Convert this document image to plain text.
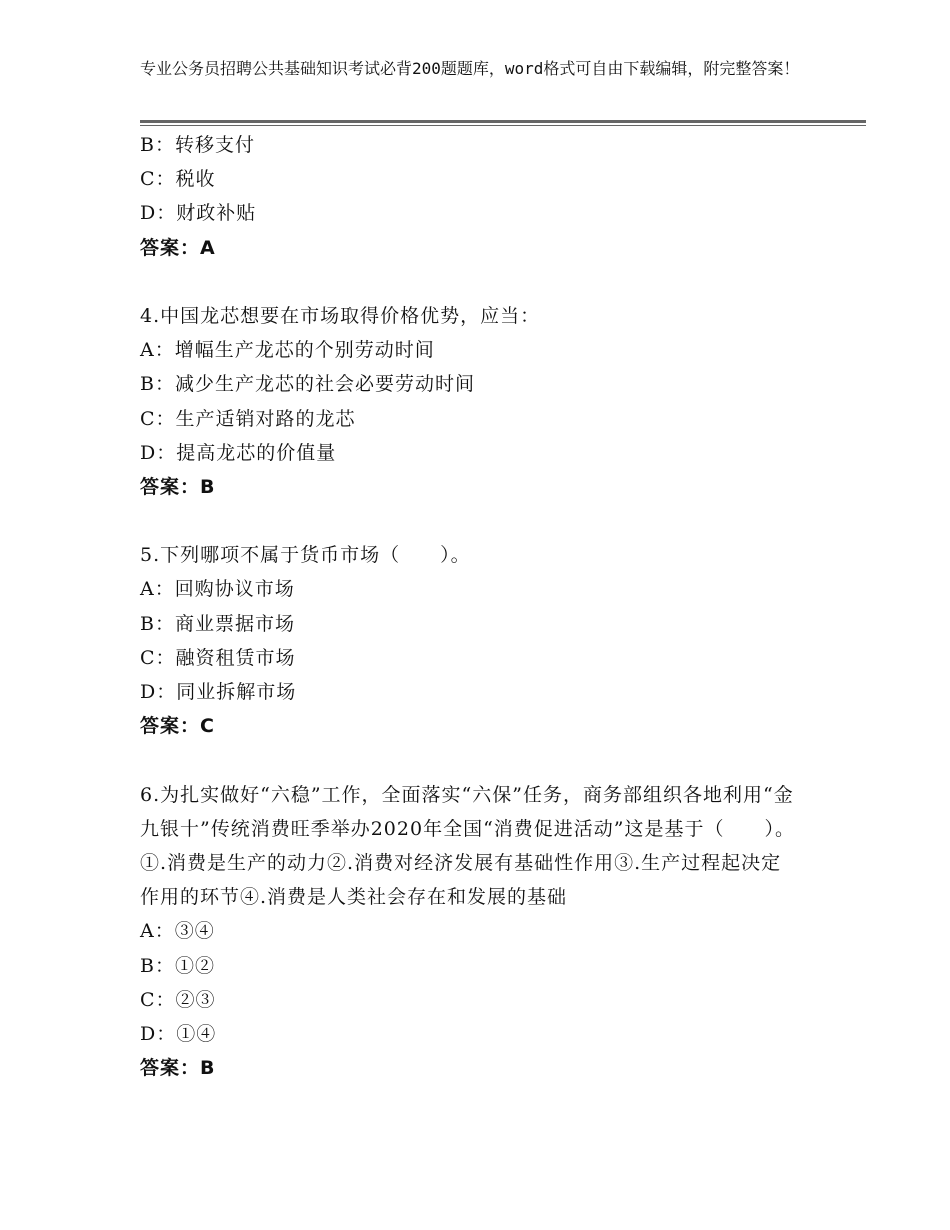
专业公务员招聘公共基础知识考试必背200题题库，word格式可自由下载编辑，附完整答案！
B：转移支付
C：税收
D：财政补贴
答案：A
4.中国龙芯想要在市场取得价格优势，应当：
A：增幅生产龙芯的个别劳动时间
B：减少生产龙芯的社会必要劳动时间
C：生产适销对路的龙芯
D：提高龙芯的价值量
答案：B
5.下列哪项不属于货币市场（　　）。
A：回购协议市场
B：商业票据市场
C：融资租赁市场
D：同业拆解市场
答案：C
6.为扎实做好“六稳”工作，全面落实“六保”任务，商务部组织各地利用“金九银十”传统消费旺季举办2020年全国“消费促进活动”这是基于（　　）。①.消费是生产的动力②.消费对经济发展有基础性作用③.生产过程起决定作用的环节④.消费是人类社会存在和发展的基础
A：③④
B：①②
C：②③
D：①④
答案：B
